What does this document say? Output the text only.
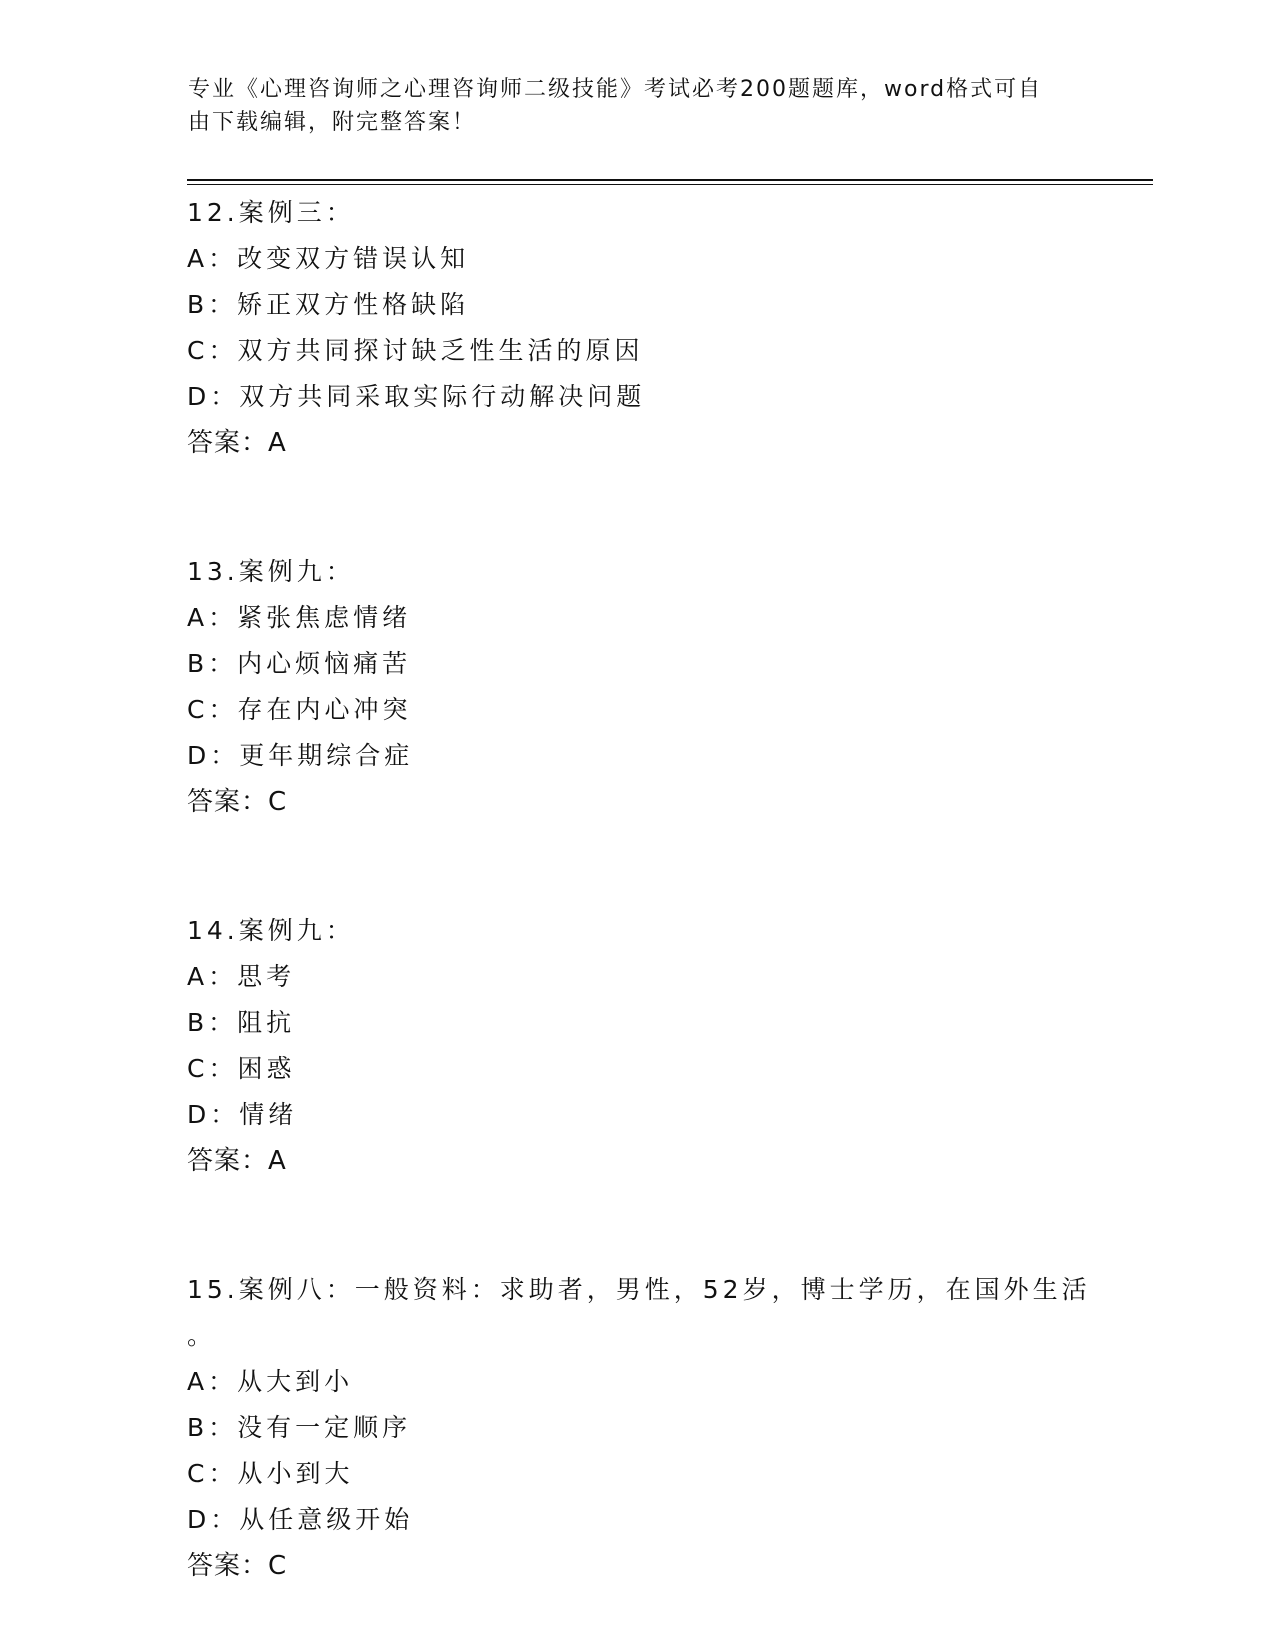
专业《心理咨询师之心理咨询师二级技能》考试必考200题题库，word格式可自
由下载编辑，附完整答案！
12.案例三：
A：改变双方错误认知
B：矫正双方性格缺陷
C：双方共同探讨缺乏性生活的原因
D：双方共同采取实际行动解决问题
答案：A
13.案例九：
A：紧张焦虑情绪
B：内心烦恼痛苦
C：存在内心冲突
D：更年期综合症
答案：C
14.案例九：
A：思考
B：阻抗
C：困惑
D：情绪
答案：A
15.案例八：一般资料：求助者，男性，52岁，博士学历，在国外生活
。
A：从大到小
B：没有一定顺序
C：从小到大
D：从任意级开始
答案：C
